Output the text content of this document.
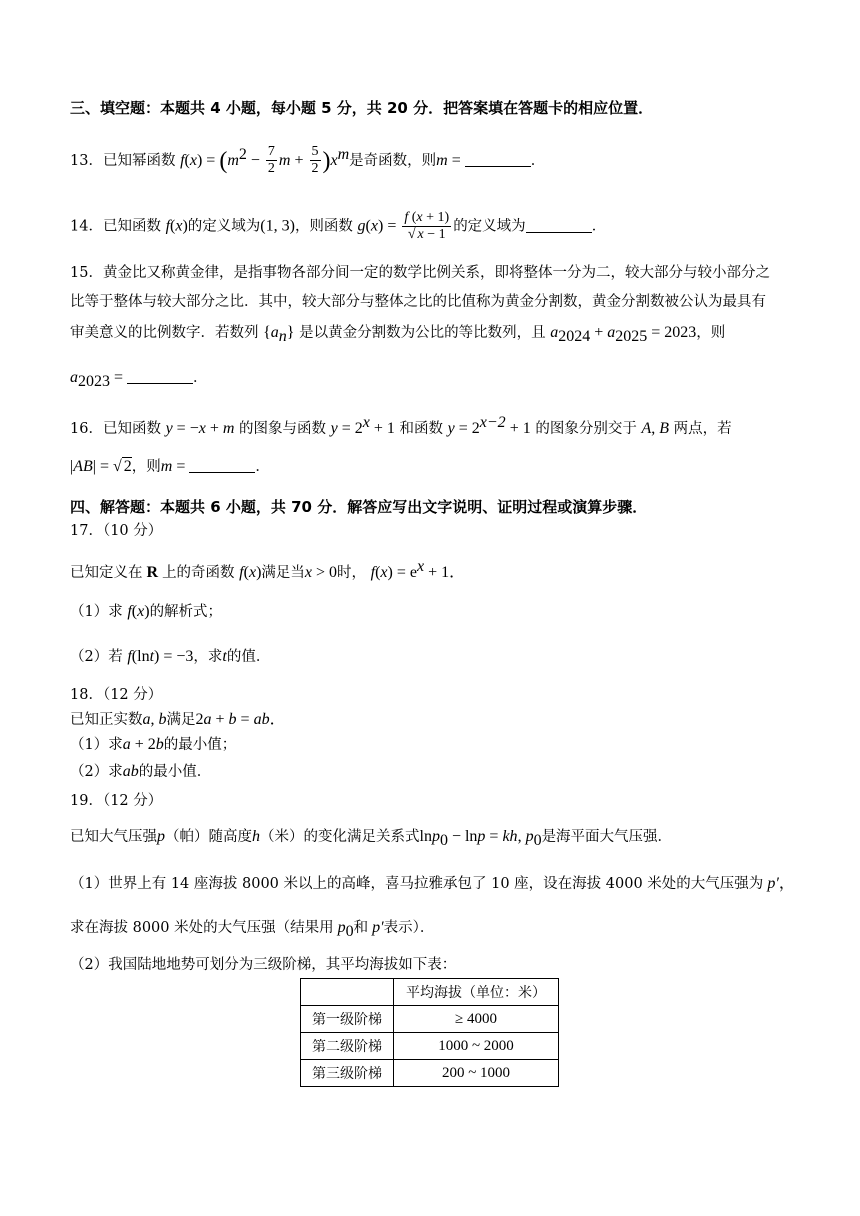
三、填空题：本题共 4 小题，每小题 5 分，共 20 分．把答案填在答题卡的相应位置．
13．已知幂函数 $f(x) = (m^2 - \frac{7}{2}$ $m + \frac{5}{2} )x^m$是奇函数，则m =	．
14．已知函数 f(x)的定义域为(1, 3)，则函数 $g(x) = \frac{f (x + 1)}{√ x - 1}$ 的定义域为	．
15．黄金比又称黄金律，是指事物各部分间一定的数学比例关系，即将整体一分为二，较大部分与较小部分之
比等于整体与较大部分之比．其中，较大部分与整体之比的比值称为黄金分割数，黄金分割数被公认为最具有
审美意义的比例数字．若数列 $\{a_n\}$ 是以黄金分割数为公比的等比数列，且 $a_{2024} + a_{2025} = 2023$，则
$a_{2023}$ =	．
16．已知函数 y = −x + m 的图象与函数 $y = 2^x + 1$ 和函数 $y = 2^{x-2} + 1$ 的图象分别交于 A, B 两点，若
|AB| = √ 2，则m =	．
四、解答题：本题共 6 小题，共 70 分．解答应写出文字说明、证明过程或演算步骤．
17．（10 分）
已知定义在 R 上的奇函数 f(x)满足当x > 0时， $f(x) = e^x + 1$．
（1）求 f(x)的解析式；
（2）若 f(lnt) = −3，求t的值．
18．（12 分）
已知正实数a, b满足2a + b = ab．
（1）求a + 2b的最小值；
（2）求ab的最小值．
19．（12 分）
已知大气压强p（帕）随高度h（米）的变化满足关系式lnp$_0$ − lnp = kh, $p_0$是海平面大气压强．
（1）世界上有 14 座海拔 8000 米以上的高峰，喜马拉雅承包了 10 座，设在海拔 4000 米处的大气压强为 p′，
求在海拔 8000 米处的大气压强（结果用 $p_0$和 p′表示）．
（2）我国陆地地势可划分为三级阶梯，其平均海拔如下表：
	平均海拔（单位：米）
第一级阶梯	≥ 4000
第二级阶梯	1000 ~ 2000
第三级阶梯	200 ~ 1000
